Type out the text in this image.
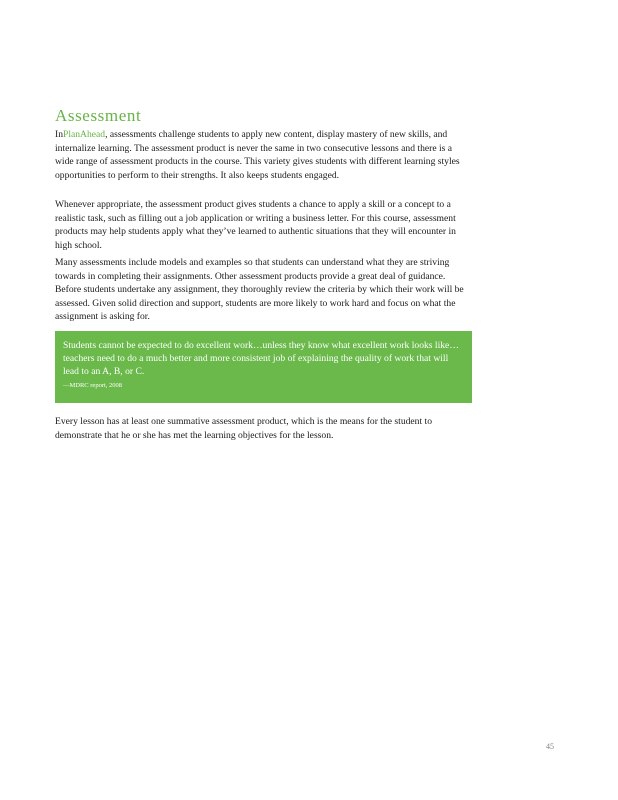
Assessment

InPlanAhead, assessments challenge students to apply new content, display mastery of new skills, and internalize learning. The assessment product is never the same in two consecutive lessons and there is a wide range of assessment products in the course. This variety gives students with different learning styles opportunities to perform to their strengths. It also keeps students engaged.

Whenever appropriate, the assessment product gives students a chance to apply a skill or a concept to a realistic task, such as filling out a job application or writing a business letter. For this course, assessment products may help students apply what they’ve learned to authentic situations that they will encounter in high school.

Many assessments include models and examples so that students can understand what they are striving towards in completing their assignments. Other assessment products provide a great deal of guidance. Before students undertake any assignment, they thoroughly review the criteria by which their work will be assessed. Given solid direction and support, students are more likely to work hard and focus on what the assignment is asking for.

Students cannot be expected to do excellent work…unless they know what excellent work looks like…teachers need to do a much better and more consistent job of explaining the quality of work that will lead to an A, B, or C.

—MDRC report, 2008

Every lesson has at least one summative assessment product, which is the means for the student to demonstrate that he or she has met the learning objectives for the lesson.

45
